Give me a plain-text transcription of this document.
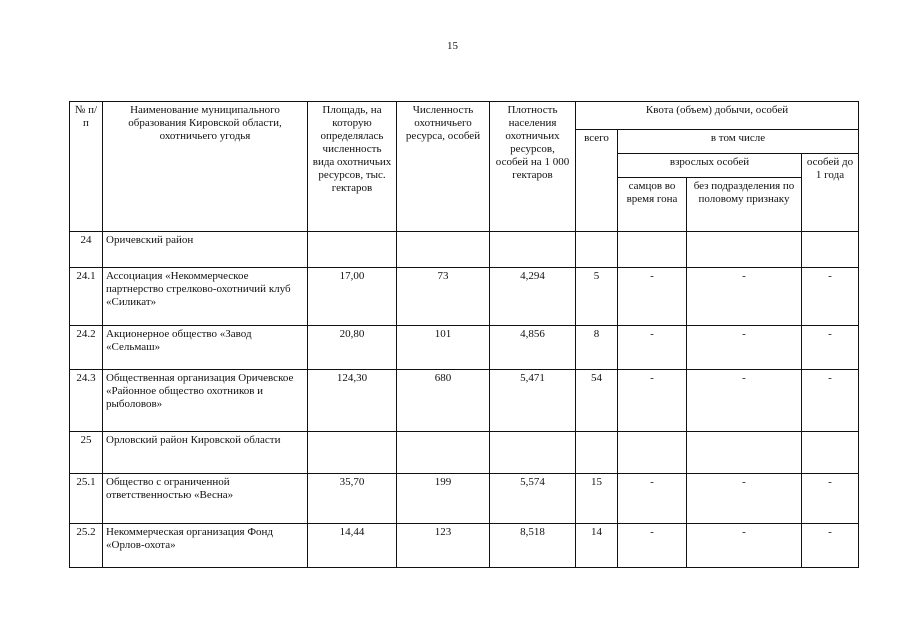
15
№ п/п	Наименование муниципального образования Кировской области, охотничьего угодья	Площадь, на которую определялась численность вида охотничьих ресурсов, тыс. гектаров	Численность охотничьего ресурса, особей	Плотность населения охотничьих ресурсов, особей на 1 000 гектаров	Квота (объем) добычи, особей			
					всего	в том числе		
						взрослых особей		особей до 1 года
						самцов во время гона	без подразделения по половому признаку	
24	Оричевский район							
24.1	Ассоциация «Некоммерческое партнерство стрелково-охотничий клуб «Силикат»	17,00	73	4,294	5	-	-	-
24.2	Акционерное общество «Завод «Сельмаш»	20,80	101	4,856	8	-	-	-
24.3	Общественная организация Оричевское «Районное общество охотников и рыболовов»	124,30	680	5,471	54	-	-	-
25	Орловский район Кировской области							
25.1	Общество с ограниченной ответственностью «Весна»	35,70	199	5,574	15	-	-	-
25.2	Некоммерческая организация Фонд «Орлов-охота»	14,44	123	8,518	14	-	-	-
